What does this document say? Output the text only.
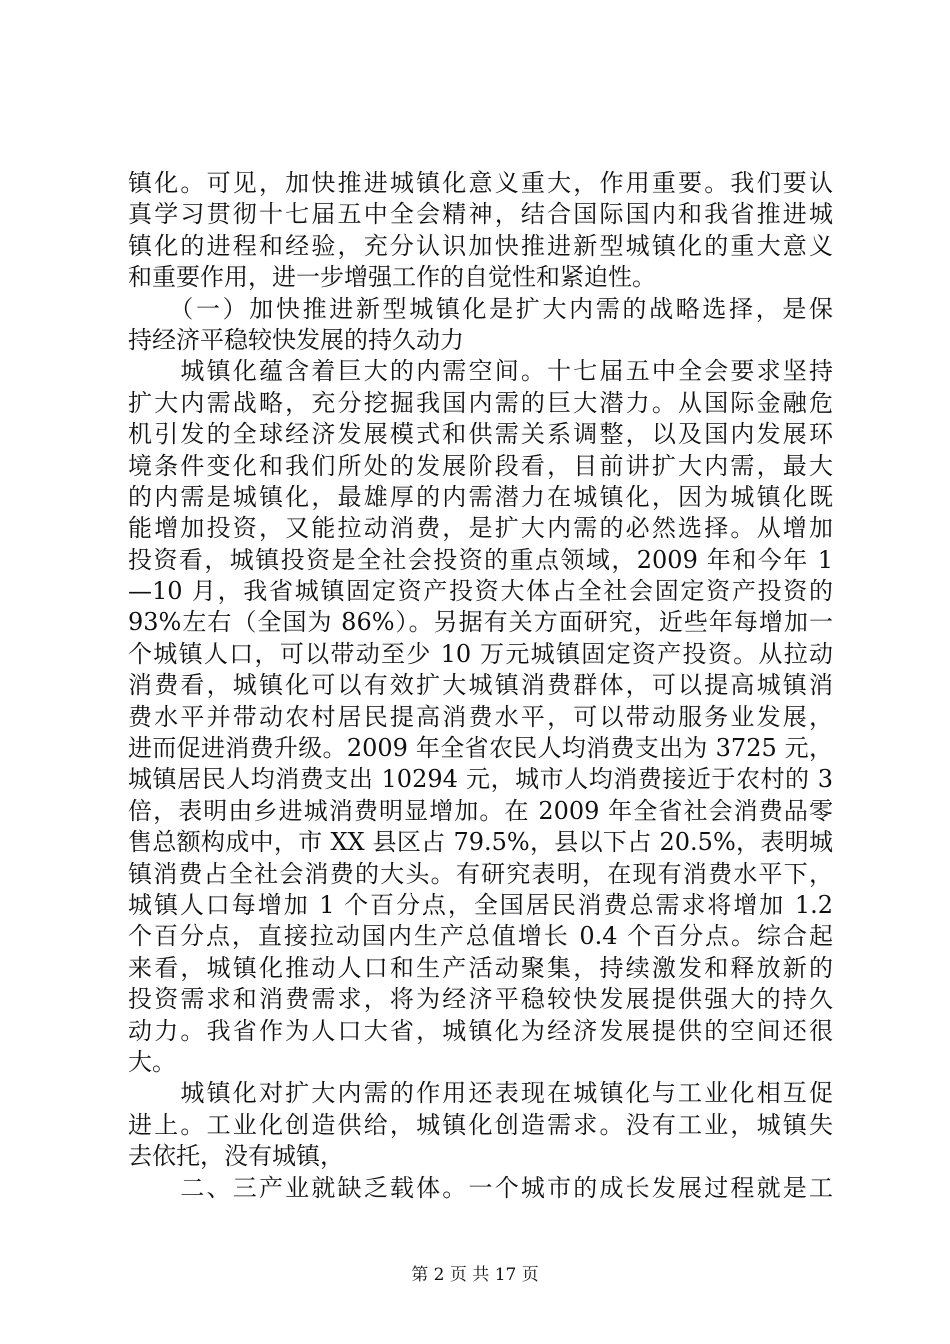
镇化。可见，加快推进城镇化意义重大，作用重要。我们要认
真学习贯彻十七届五中全会精神，结合国际国内和我省推进城
镇化的进程和经验，充分认识加快推进新型城镇化的重大意义
和重要作用，进一步增强工作的自觉性和紧迫性。
　　（一）加快推进新型城镇化是扩大内需的战略选择，是保
持经济平稳较快发展的持久动力
　　城镇化蕴含着巨大的内需空间。十七届五中全会要求坚持
扩大内需战略，充分挖掘我国内需的巨大潜力。从国际金融危
机引发的全球经济发展模式和供需关系调整，以及国内发展环
境条件变化和我们所处的发展阶段看，目前讲扩大内需，最大
的内需是城镇化，最雄厚的内需潜力在城镇化，因为城镇化既
能增加投资，又能拉动消费，是扩大内需的必然选择。从增加
投资看，城镇投资是全社会投资的重点领域，2009 年和今年 1
—10 月，我省城镇固定资产投资大体占全社会固定资产投资的
93%左右（全国为 86%）。另据有关方面研究，近些年每增加一
个城镇人口，可以带动至少 10 万元城镇固定资产投资。从拉动
消费看，城镇化可以有效扩大城镇消费群体，可以提高城镇消
费水平并带动农村居民提高消费水平，可以带动服务业发展，
进而促进消费升级。2009 年全省农民人均消费支出为 3725 元，
城镇居民人均消费支出 10294 元，城市人均消费接近于农村的 3
倍，表明由乡进城消费明显增加。在 2009 年全省社会消费品零
售总额构成中，市 XX 县区占 79.5%，县以下占 20.5%，表明城
镇消费占全社会消费的大头。有研究表明，在现有消费水平下，
城镇人口每增加 1 个百分点，全国居民消费总需求将增加 1.2
个百分点，直接拉动国内生产总值增长 0.4 个百分点。综合起
来看，城镇化推动人口和生产活动聚集，持续激发和释放新的
投资需求和消费需求，将为经济平稳较快发展提供强大的持久
动力。我省作为人口大省，城镇化为经济发展提供的空间还很
大。
　　城镇化对扩大内需的作用还表现在城镇化与工业化相互促
进上。工业化创造供给，城镇化创造需求。没有工业，城镇失
去依托，没有城镇，
　　二、三产业就缺乏载体。一个城市的成长发展过程就是工
第 2 页 共 17 页
